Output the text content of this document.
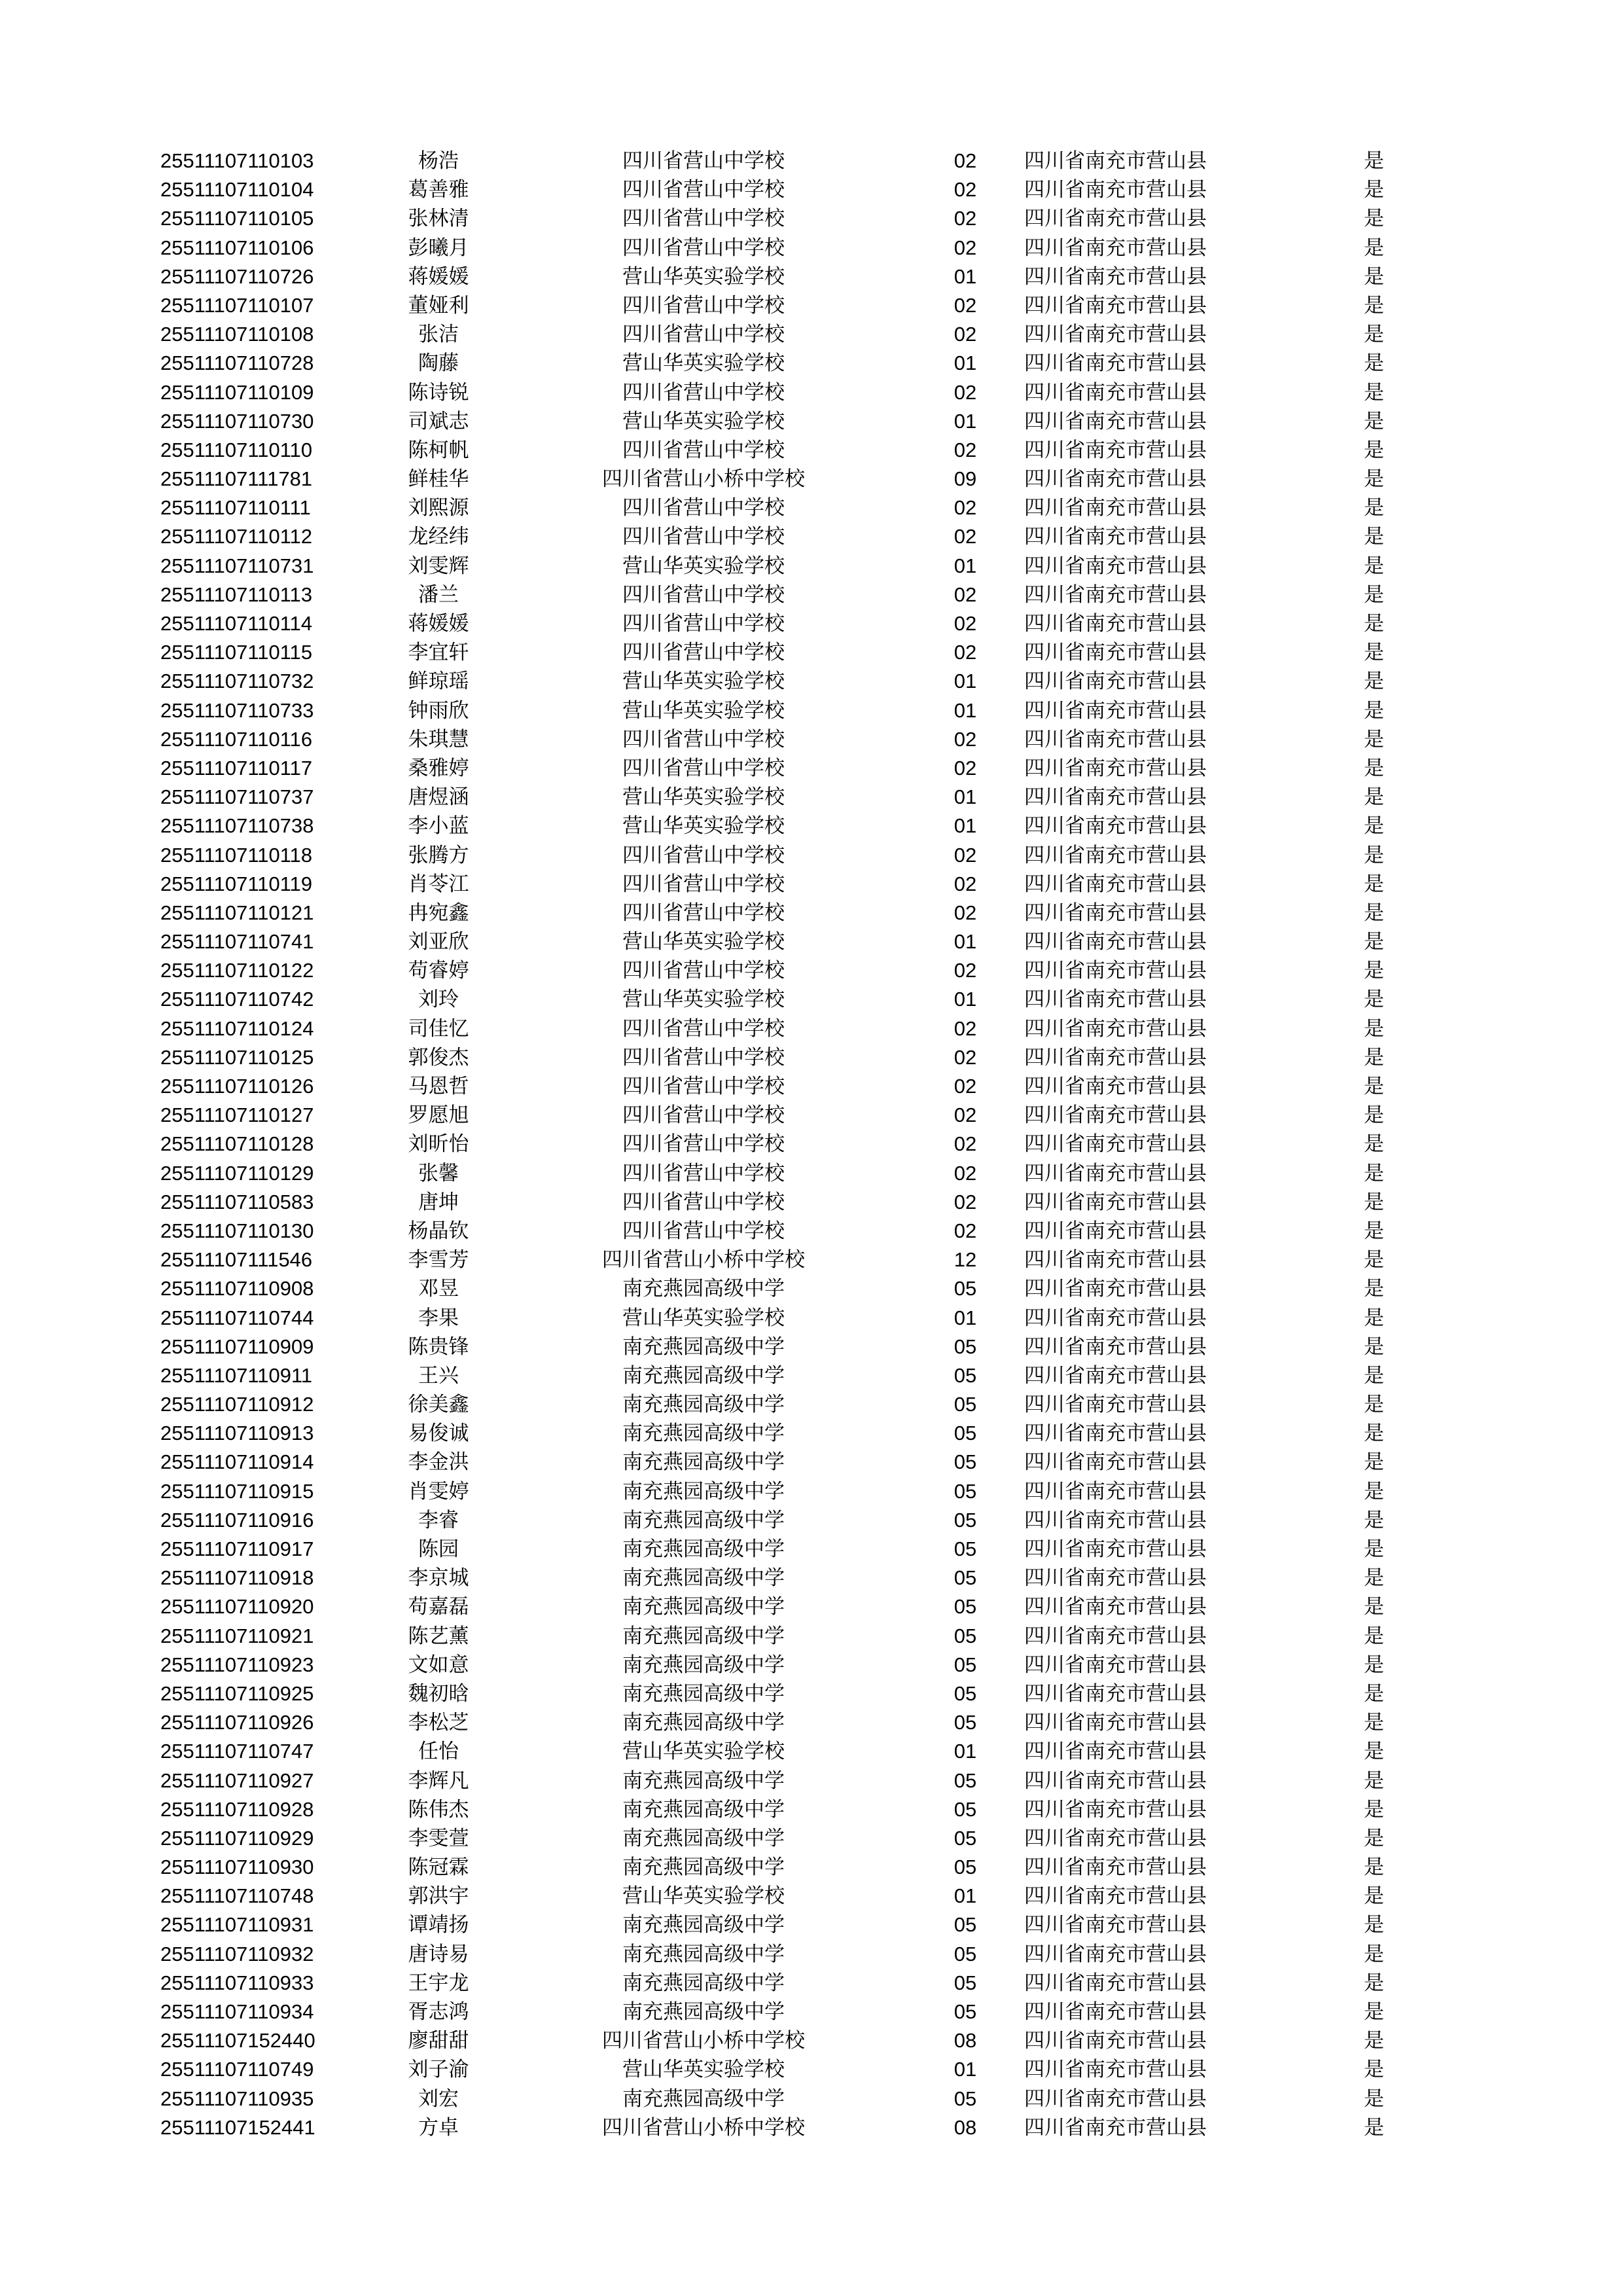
25511107110103	杨浩	四川省营山中学校	02	四川省南充市营山县	是
25511107110104	葛善雅	四川省营山中学校	02	四川省南充市营山县	是
25511107110105	张林清	四川省营山中学校	02	四川省南充市营山县	是
25511107110106	彭曦月	四川省营山中学校	02	四川省南充市营山县	是
25511107110726	蒋媛媛	营山华英实验学校	01	四川省南充市营山县	是
25511107110107	董娅利	四川省营山中学校	02	四川省南充市营山县	是
25511107110108	张洁	四川省营山中学校	02	四川省南充市营山县	是
25511107110728	陶藤	营山华英实验学校	01	四川省南充市营山县	是
25511107110109	陈诗锐	四川省营山中学校	02	四川省南充市营山县	是
25511107110730	司斌志	营山华英实验学校	01	四川省南充市营山县	是
25511107110110	陈柯帆	四川省营山中学校	02	四川省南充市营山县	是
25511107111781	鲜桂华	四川省营山小桥中学校	09	四川省南充市营山县	是
25511107110111	刘熙源	四川省营山中学校	02	四川省南充市营山县	是
25511107110112	龙经纬	四川省营山中学校	02	四川省南充市营山县	是
25511107110731	刘雯辉	营山华英实验学校	01	四川省南充市营山县	是
25511107110113	潘兰	四川省营山中学校	02	四川省南充市营山县	是
25511107110114	蒋媛媛	四川省营山中学校	02	四川省南充市营山县	是
25511107110115	李宜轩	四川省营山中学校	02	四川省南充市营山县	是
25511107110732	鲜琼瑶	营山华英实验学校	01	四川省南充市营山县	是
25511107110733	钟雨欣	营山华英实验学校	01	四川省南充市营山县	是
25511107110116	朱琪慧	四川省营山中学校	02	四川省南充市营山县	是
25511107110117	桑雅婷	四川省营山中学校	02	四川省南充市营山县	是
25511107110737	唐煜涵	营山华英实验学校	01	四川省南充市营山县	是
25511107110738	李小蓝	营山华英实验学校	01	四川省南充市营山县	是
25511107110118	张腾方	四川省营山中学校	02	四川省南充市营山县	是
25511107110119	肖苓江	四川省营山中学校	02	四川省南充市营山县	是
25511107110121	冉宛鑫	四川省营山中学校	02	四川省南充市营山县	是
25511107110741	刘亚欣	营山华英实验学校	01	四川省南充市营山县	是
25511107110122	苟睿婷	四川省营山中学校	02	四川省南充市营山县	是
25511107110742	刘玲	营山华英实验学校	01	四川省南充市营山县	是
25511107110124	司佳忆	四川省营山中学校	02	四川省南充市营山县	是
25511107110125	郭俊杰	四川省营山中学校	02	四川省南充市营山县	是
25511107110126	马恩哲	四川省营山中学校	02	四川省南充市营山县	是
25511107110127	罗愿旭	四川省营山中学校	02	四川省南充市营山县	是
25511107110128	刘昕怡	四川省营山中学校	02	四川省南充市营山县	是
25511107110129	张馨	四川省营山中学校	02	四川省南充市营山县	是
25511107110583	唐坤	四川省营山中学校	02	四川省南充市营山县	是
25511107110130	杨晶钦	四川省营山中学校	02	四川省南充市营山县	是
25511107111546	李雪芳	四川省营山小桥中学校	12	四川省南充市营山县	是
25511107110908	邓昱	南充燕园高级中学	05	四川省南充市营山县	是
25511107110744	李果	营山华英实验学校	01	四川省南充市营山县	是
25511107110909	陈贵锋	南充燕园高级中学	05	四川省南充市营山县	是
25511107110911	王兴	南充燕园高级中学	05	四川省南充市营山县	是
25511107110912	徐美鑫	南充燕园高级中学	05	四川省南充市营山县	是
25511107110913	易俊诚	南充燕园高级中学	05	四川省南充市营山县	是
25511107110914	李金洪	南充燕园高级中学	05	四川省南充市营山县	是
25511107110915	肖雯婷	南充燕园高级中学	05	四川省南充市营山县	是
25511107110916	李睿	南充燕园高级中学	05	四川省南充市营山县	是
25511107110917	陈园	南充燕园高级中学	05	四川省南充市营山县	是
25511107110918	李京城	南充燕园高级中学	05	四川省南充市营山县	是
25511107110920	苟嘉磊	南充燕园高级中学	05	四川省南充市营山县	是
25511107110921	陈艺薰	南充燕园高级中学	05	四川省南充市营山县	是
25511107110923	文如意	南充燕园高级中学	05	四川省南充市营山县	是
25511107110925	魏初晗	南充燕园高级中学	05	四川省南充市营山县	是
25511107110926	李松芝	南充燕园高级中学	05	四川省南充市营山县	是
25511107110747	任怡	营山华英实验学校	01	四川省南充市营山县	是
25511107110927	李辉凡	南充燕园高级中学	05	四川省南充市营山县	是
25511107110928	陈伟杰	南充燕园高级中学	05	四川省南充市营山县	是
25511107110929	李雯萱	南充燕园高级中学	05	四川省南充市营山县	是
25511107110930	陈冠霖	南充燕园高级中学	05	四川省南充市营山县	是
25511107110748	郭洪宇	营山华英实验学校	01	四川省南充市营山县	是
25511107110931	谭靖扬	南充燕园高级中学	05	四川省南充市营山县	是
25511107110932	唐诗易	南充燕园高级中学	05	四川省南充市营山县	是
25511107110933	王宇龙	南充燕园高级中学	05	四川省南充市营山县	是
25511107110934	胥志鸿	南充燕园高级中学	05	四川省南充市营山县	是
25511107152440	廖甜甜	四川省营山小桥中学校	08	四川省南充市营山县	是
25511107110749	刘子渝	营山华英实验学校	01	四川省南充市营山县	是
25511107110935	刘宏	南充燕园高级中学	05	四川省南充市营山县	是
25511107152441	方卓	四川省营山小桥中学校	08	四川省南充市营山县	是
